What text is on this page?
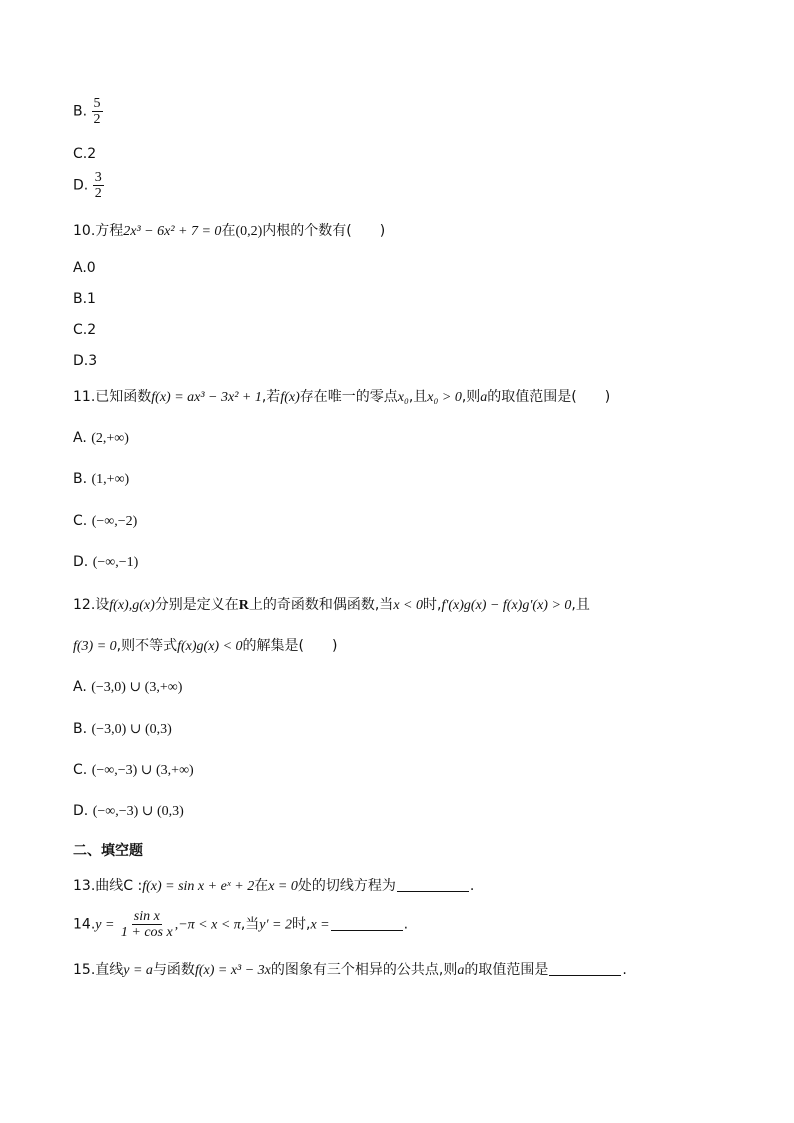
B. $\frac{5}{2}$
C.2
D. $\frac{3}{2}$
10.方程2x³ − 6x² + 7 = 0在(0,2)内根的个数有(　　)
A.0
B.1
C.2
D.3
11.已知函数f(x) = ax³ − 3x² + 1,若f(x)存在唯一的零点x₀,且x₀ > 0,则a的取值范围是(　　)
A. (2,+∞)
B. (1,+∞)
C. (−∞,−2)
D. (−∞,−1)
12.设f(x),g(x)分别是定义在R上的奇函数和偶函数,当x < 0时,f′(x)g(x) − f(x)g′(x) > 0,且
f(3) = 0,则不等式f(x)g(x) < 0的解集是(　　)
A. (−3,0) ∪ (3,+∞)
B. (−3,0) ∪ (0,3)
C. (−∞,−3) ∪ (3,+∞)
D. (−∞,−3) ∪ (0,3)
二、填空题
13.曲线C :f(x) = sin x + eˣ + 2在x = 0处的切线方程为	.
$14.y = \frac{\text{sin x}}{\text{1 + cos x}} ,-\pi < x < \pi$,当y′ = 2时,x =	.
15.直线y = a与函数f(x) = x³ − 3x的图象有三个相异的公共点,则a的取值范围是	.
